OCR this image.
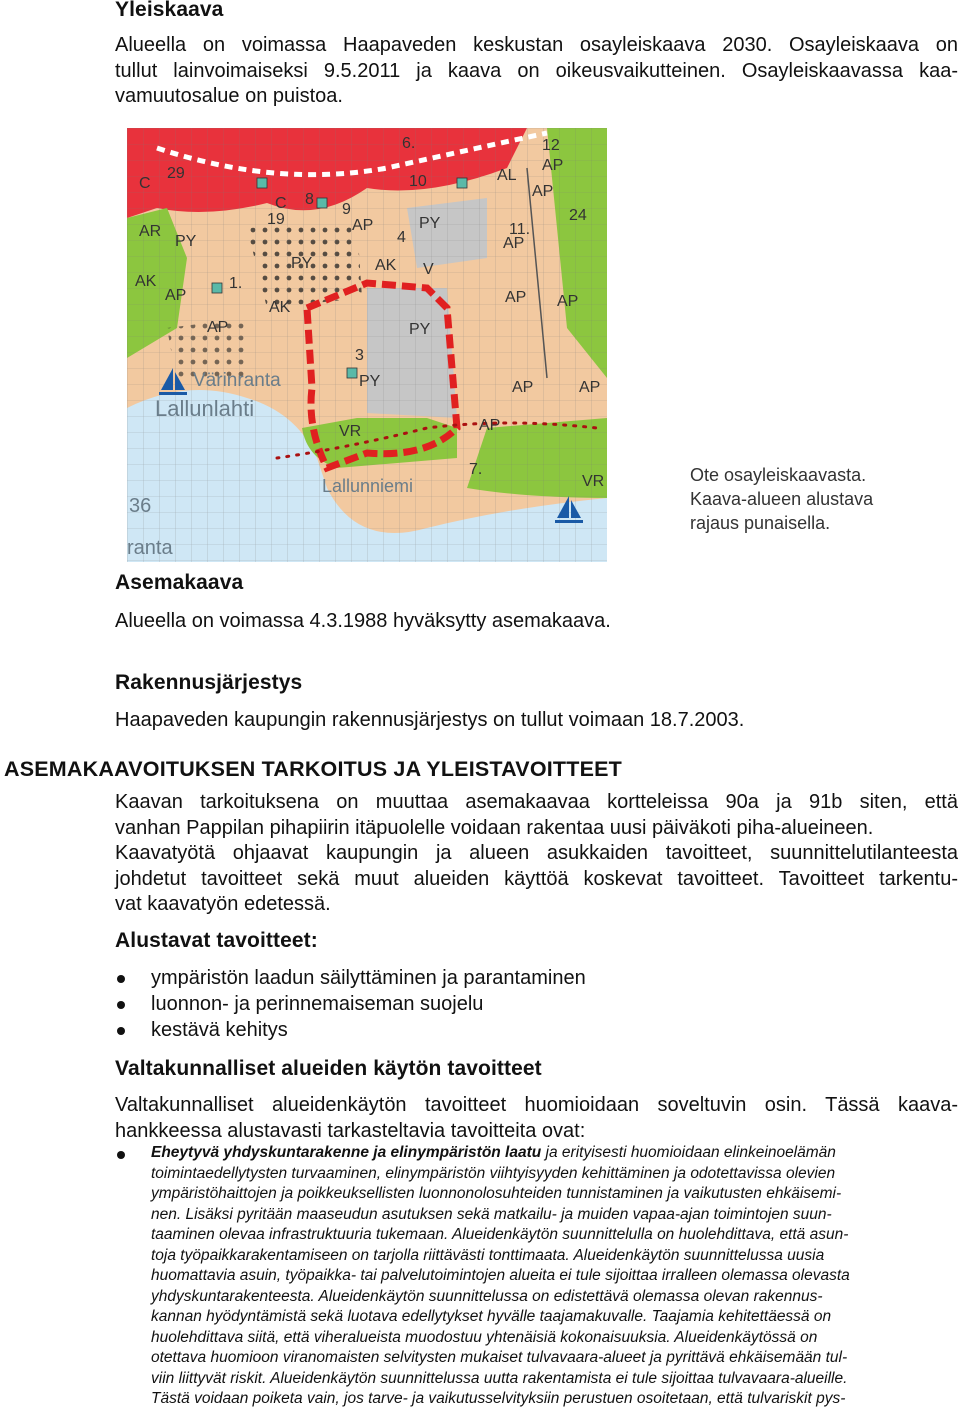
Yleiskaava
Alueella on voimassa Haapaveden keskustan osayleiskaava 2030. Osayleiskaava on
tullut lainvoimaiseksi 9.5.2011 ja kaava on oikeusvaikutteinen. Osayleiskaavassa kaa-
vamuutosalue on puistoa.
C
29
6.	12
AP
10
AP
AL
8
9
19	24
AR
PY
AP	PY	11.
AP
PY	AK V
AK
AP	AP AP
AK
PY
AP
3
PY	AP	AP
VR
7.
AP
VR
4
C
1.
Värinranta
Lallunlahti
Lallunniemi
36
ranta
Ote osayleiskaavasta.
Kaava-alueen alustava
rajaus punaisella.
Asemakaava
Alueella on voimassa 4.3.1988 hyväksytty asemakaava.
Rakennusjärjestys
Haapaveden kaupungin rakennusjärjestys on tullut voimaan 18.7.2003.
ASEMAKAAVOITUKSEN TARKOITUS JA YLEISTAVOITTEET
Kaavan tarkoituksena on muuttaa asemakaavaa kortteleissa 90a ja 91b siten, että
vanhan Pappilan pihapiirin itäpuolelle voidaan rakentaa uusi päiväkoti piha-alueineen.
Kaavatyötä ohjaavat kaupungin ja alueen asukkaiden tavoitteet, suunnittelutilanteesta
johdetut tavoitteet sekä muut alueiden käyttöä koskevat tavoitteet. Tavoitteet tarkentu-
vat kaavatyön edetessä.
Alustavat tavoitteet:
ympäristön laadun säilyttäminen ja parantaminen
luonnon- ja perinnemaiseman suojelu
kestävä kehitys
Valtakunnalliset alueiden käytön tavoitteet
Valtakunnalliset alueidenkäytön tavoitteet huomioidaan soveltuvin osin. Tässä kaava-
hankkeessa alustavasti tarkasteltavia tavoitteita ovat:
Eheytyvä yhdyskuntarakenne ja elinympäristön laatu ja erityisesti huomioidaan elinkeinoelämän
toimintaedellytysten turvaaminen, elinympäristön viihtyisyyden kehittäminen ja odotettavissa olevien
ympäristöhaittojen ja poikkeuksellisten luonnonolosuhteiden tunnistaminen ja vaikutusten ehkäisemi-
nen. Lisäksi pyritään maaseudun asutuksen sekä matkailu- ja muiden vapaa-ajan toimintojen suun-
taaminen olevaa infrastruktuuria tukemaan. Alueidenkäytön suunnittelulla on huolehdittava, että asun-
toja työpaikkarakentamiseen on tarjolla riittävästi tonttimaata. Alueidenkäytön suunnittelussa uusia
huomattavia asuin, työpaikka- tai palvelutoimintojen alueita ei tule sijoittaa irralleen olemassa olevasta
yhdyskuntarakenteesta. Alueidenkäytön suunnittelussa on edistettävä olemassa olevan rakennus-
kannan hyödyntämistä sekä luotava edellytykset hyvälle taajamakuvalle. Taajamia kehitettäessä on
huolehdittava siitä, että viheralueista muodostuu yhtenäisiä kokonaisuuksia. Alueidenkäytössä on
otettava huomioon viranomaisten selvitysten mukaiset tulvavaara-alueet ja pyrittävä ehkäisemään tul-
viin liittyvät riskit. Alueidenkäytön suunnittelussa uutta rakentamista ei tule sijoittaa tulvavaara-alueille.
Tästä voidaan poiketa vain, jos tarve- ja vaikutusselvityksiin perustuen osoitetaan, että tulvariskit pys-
